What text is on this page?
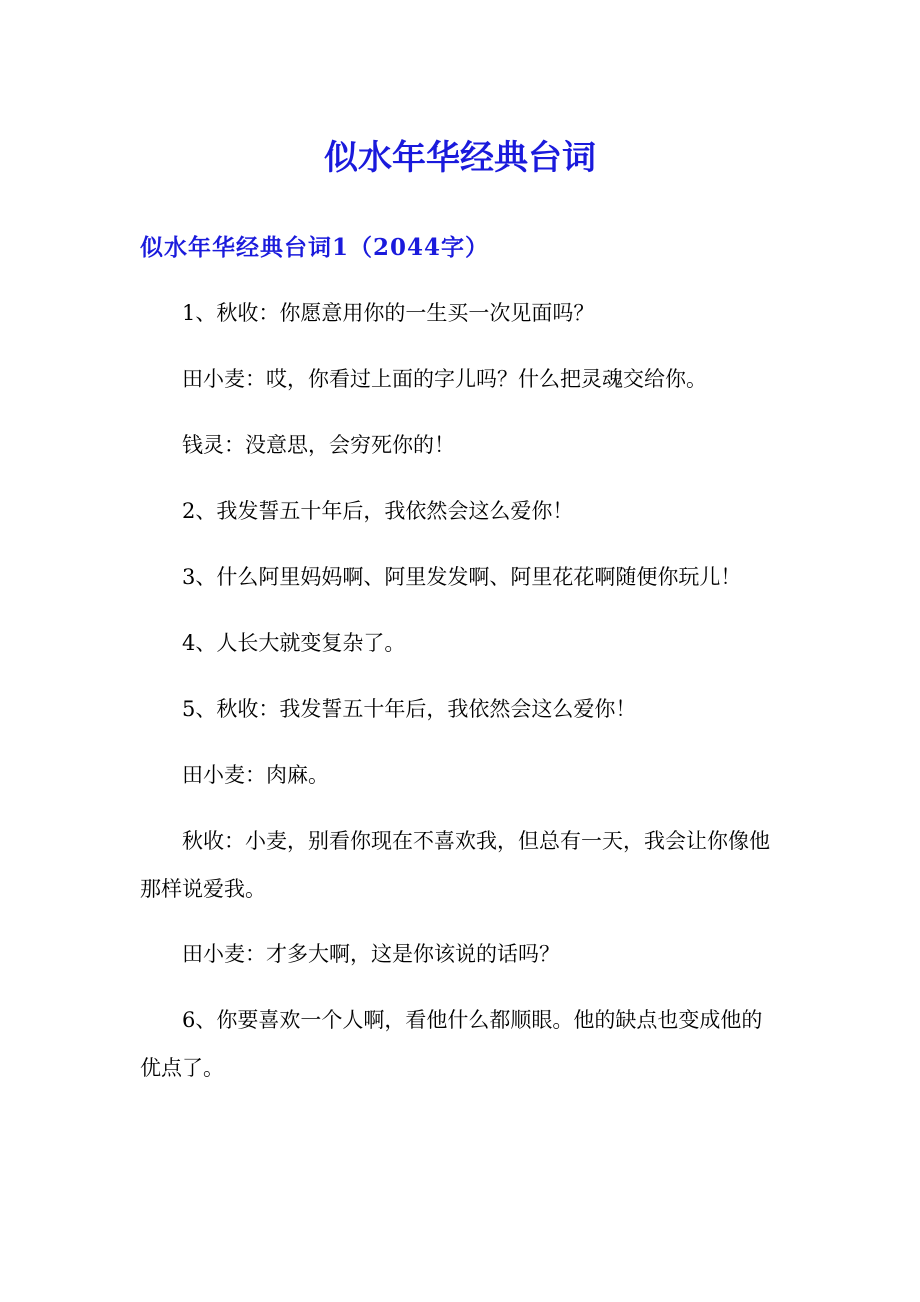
似水年华经典台词
似水年华经典台词1（2044字）

1、秋收：你愿意用你的一生买一次见面吗？

田小麦：哎，你看过上面的字儿吗？什么把灵魂交给你。

钱灵：没意思，会穷死你的！

2、我发誓五十年后，我依然会这么爱你！

3、什么阿里妈妈啊、阿里发发啊、阿里花花啊随便你玩儿！

4、人长大就变复杂了。

5、秋收：我发誓五十年后，我依然会这么爱你！

田小麦：肉麻。

秋收：小麦，别看你现在不喜欢我，但总有一天，我会让你像他那样说爱我。

田小麦：才多大啊，这是你该说的话吗？

6、你要喜欢一个人啊，看他什么都顺眼。他的缺点也变成他的优点了。
